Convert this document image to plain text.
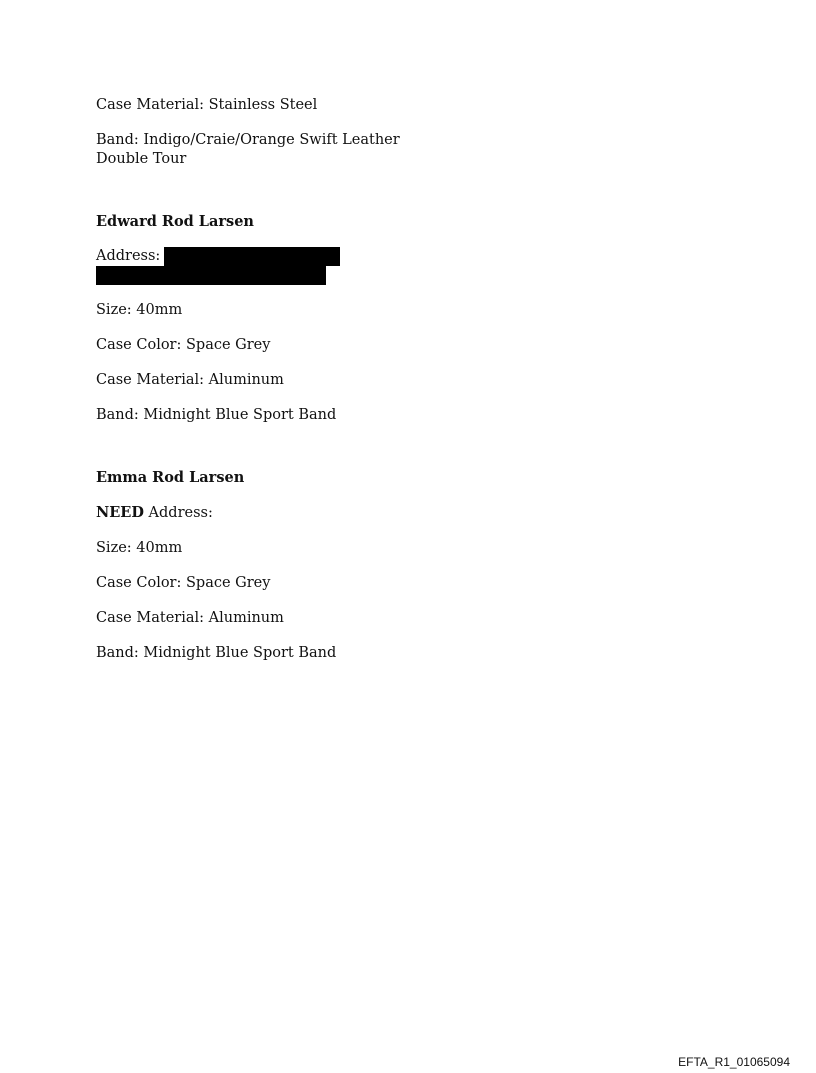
Case Material: Stainless Steel

Band: Indigo/Craie/Orange Swift Leather

Double Tour

Edward Rod Larsen

Address:

Size: 40mm

Case Color: Space Grey

Case Material: Aluminum

Band: Midnight Blue Sport Band

Emma Rod Larsen

NEED Address:

Size: 40mm

Case Color: Space Grey

Case Material: Aluminum

Band: Midnight Blue Sport Band

EFTA_R1_01065094
